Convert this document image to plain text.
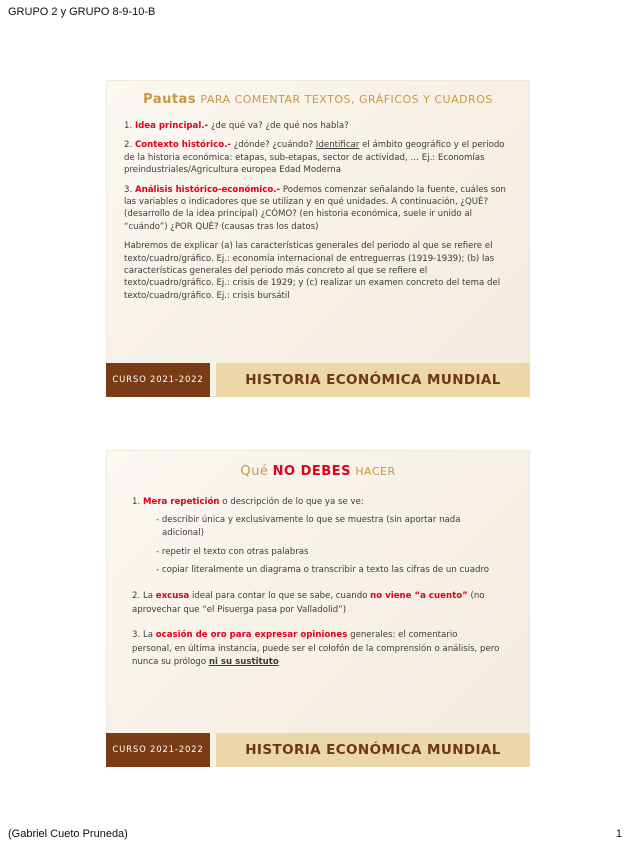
GRUPO 2 y GRUPO 8-9-10-B
Pautas PARA COMENTAR TEXTOS, GRÁFICOS Y CUADROS

1. Idea principal.- ¿de qué va? ¿de qué nos habla?

2. Contexto histórico.- ¿dónde? ¿cuándo? Identificar el ámbito geográfico y el periodo de la historia económica: etapas, sub-etapas, sector de actividad, … Ej.: Economías preindustriales/Agricultura europea Edad Moderna

3. Análisis histórico-económico.- Podemos comenzar señalando la fuente, cuáles son las variables o indicadores que se utilizan y en qué unidades. A continuación, ¿QUÉ? (desarrollo de la idea principal) ¿CÓMO? (en historia económica, suele ir unido al “cuándo”) ¿POR QUÉ? (causas tras los datos)

Habremos de explicar (a) las características generales del periodo al que se refiere el texto/cuadro/gráfico. Ej.: economía internacional de entreguerras (1919-1939); (b) las características generales del periodo más concreto al que se refiere el texto/cuadro/gráfico. Ej.: crisis de 1929; y (c) realizar un examen concreto del tema del texto/cuadro/gráfico. Ej.: crisis bursátil

CURSO 2021-2022	HISTORIA ECONÓMICA MUNDIAL
Qué NO DEBES HACER

1. Mera repetición o descripción de lo que ya se ve:

- describir única y exclusivamente lo que se muestra (sin aportar nada adicional)
- repetir el texto con otras palabras
- copiar literalmente un diagrama o transcribir a texto las cifras de un cuadro

2. La excusa ideal para contar lo que se sabe, cuando no viene “a cuento” (no aprovechar que “el Pisuerga pasa por Valladolid”)

3. La ocasión de oro para expresar opiniones generales: el comentario personal, en última instancia, puede ser el colofón de la comprensión o análisis, pero nunca su prólogo ni su sustituto

CURSO 2021-2022	HISTORIA ECONÓMICA MUNDIAL
(Gabriel Cueto Pruneda)	1
